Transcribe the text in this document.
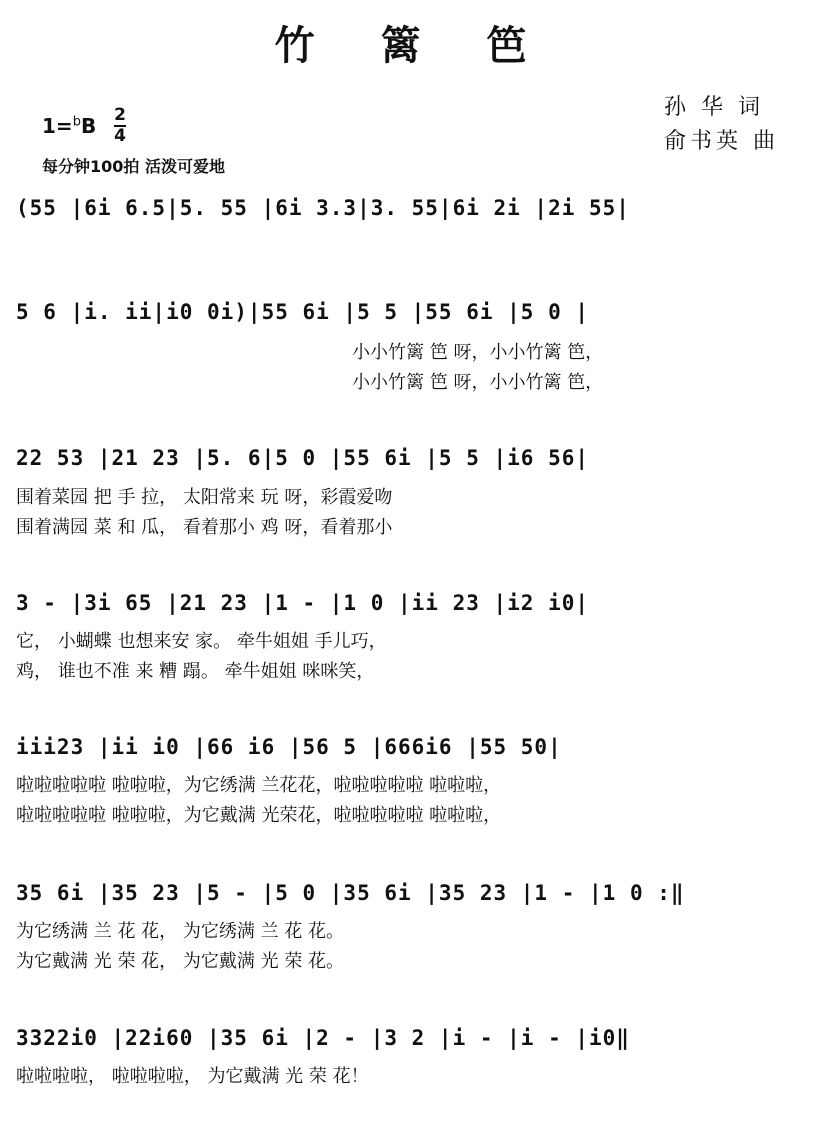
竹 篱 笆
孙 华 词
俞书英 曲
1=$^b$B 2
4
每分钟100拍 活泼可爱地
(55 |6i 6.5|5. 55 |6i 3.3|3. 55|6i 2i |2i 55|
5 6 |i. ii|i0 0i)|55 6i |5 5 |55 6i |5 0 |
小小竹篱 笆 呀，小小竹篱 笆，
小小竹篱 笆 呀，小小竹篱 笆，
22 53 |21 23 |5. 6|5 0 |55 6i |5 5 |i6 56|
围着菜园 把 手 拉， 太阳常来 玩 呀，彩霞爱吻
围着满园 菜 和 瓜， 看着那小 鸡 呀，看着那小
3 - |3i 65 |21 23 |1 - |1 0 |ii 23 |i2 i0|
它， 小蝴蝶 也想来安 家。 牵牛姐姐 手儿巧，
鸡， 谁也不准 来 糟 蹋。 牵牛姐姐 咪咪笑，
iii23 |ii i0 |66 i6 |56 5 |666i6 |55 50|
啦啦啦啦啦 啦啦啦，为它绣满 兰花花，啦啦啦啦啦 啦啦啦，
啦啦啦啦啦 啦啦啦，为它戴满 光荣花，啦啦啦啦啦 啦啦啦，
35 6i |35 23 |5 - |5 0 |35 6i |35 23 |1 - |1 0 :‖
为它绣满 兰 花 花， 为它绣满 兰 花 花。
为它戴满 光 荣 花， 为它戴满 光 荣 花。
3322i0 |22i60 |35 6i |2 - |3 2 |i - |i - |i0‖
啦啦啦啦， 啦啦啦啦， 为它戴满 光 荣 花！
